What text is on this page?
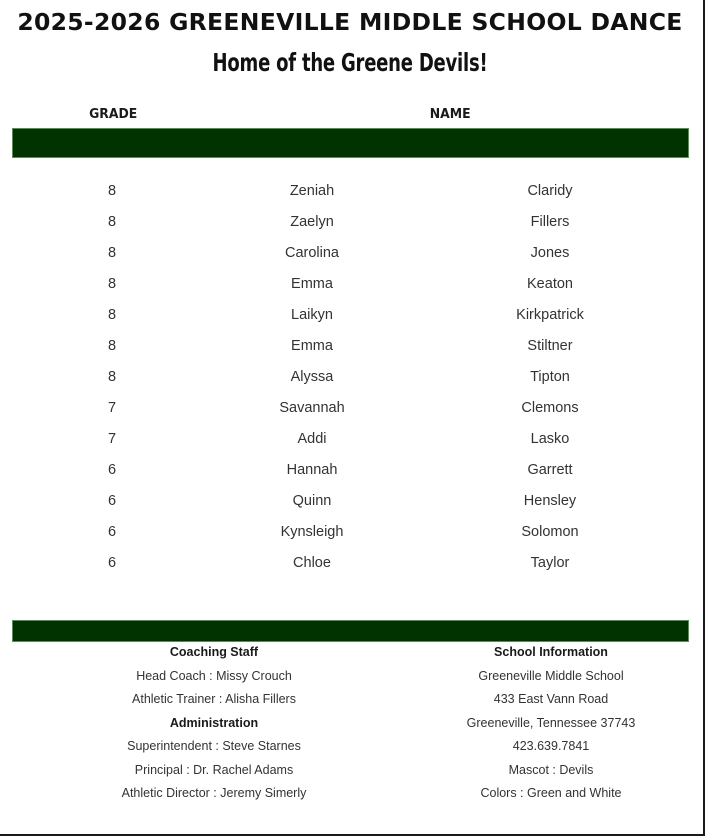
2025-2026 GREENEVILLE MIDDLE SCHOOL DANCE
Home of the Greene Devils!
GRADE	NAME
8	Zeniah	Claridy
8	Zaelyn	Fillers
8	Carolina	Jones
8	Emma	Keaton
8	Laikyn	Kirkpatrick
8	Emma	Stiltner
8	Alyssa	Tipton
7	Savannah	Clemons
7	Addi	Lasko
6	Hannah	Garrett
6	Quinn	Hensley
6	Kynsleigh	Solomon
6	Chloe	Taylor
Coaching Staff
Head Coach : Missy Crouch
Athletic Trainer : Alisha Fillers
Administration
Superintendent : Steve Starnes
Principal : Dr. Rachel Adams
Athletic Director : Jeremy Simerly
School Information
Greeneville Middle School
433 East Vann Road
Greeneville, Tennessee 37743
423.639.7841
Mascot : Devils
Colors : Green and White
